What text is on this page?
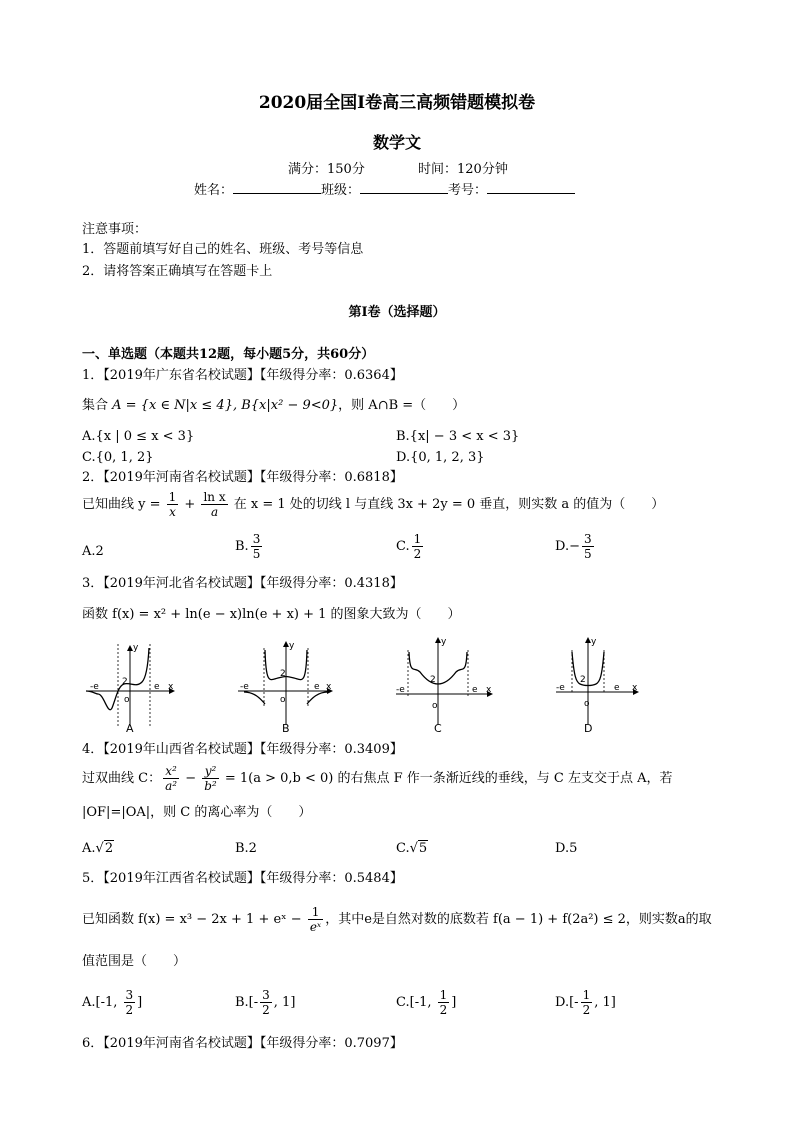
2020届全国Ⅰ卷高三高频错题模拟卷
数学文
满分：150分	时间：120分钟
姓名：	班级：	考号：
注意事项：
1．答题前填写好自己的姓名、班级、考号等信息
2．请将答案正确填写在答题卡上
第I卷（选择题）
一、单选题（本题共12题，每小题5分，共60分）
1．【2019年广东省名校试题】【年级得分率：0.6364】
集合 A = {x ∈ N|x ≤ 4}, B{x|x² − 9<0}，则 A∩B =（　　）
A.{x | 0 ≤ x < 3}	B.{x| − 3 < x < 3}
C.{0, 1, 2}	D.{0, 1, 2, 3}
2．【2019年河南省名校试题】【年级得分率：0.6818】
已知曲线 $y = \frac{1}{x} + \frac{\text{ln x}}{a}$ 在 x = 1 处的切线 l 与直线 3x + 2y = 0 垂直，则实数 a 的值为（　　）
A.2	B. $\frac{3}{5}$	C. $\frac{1}{2}$	$D.- \frac{3}{5}$
3．【2019年河北省名校试题】【年级得分率：0.4318】
函数 f(x) = x² + ln(e − x)ln(e + x) + 1 的图象大致为（　　）
-e	e x
y
2
o
A
-e	e x
y
2
o
B
-e	e x
y
2
o
C
-e	e x
y
2
o
D
4．【2019年山西省名校试题】【年级得分率：0.3409】
过双曲线 C： $\frac{\text{x²}}{\text{a²}} - \frac{\text{y²}}{\text{b²}} = 1(a > 0,b < 0)$ 的右焦点 F 作一条渐近线的垂线，与 C 左支交于点 A，若
|OF|=|OA|，则 C 的离心率为（　　）
A.√2	B.2	C.√5	D.5
5．【2019年江西省名校试题】【年级得分率：0.5484】
已知函数 f(x) = x³ − 2x + 1 + eˣ − $\frac{1}{\text{eˣ}}$ ，其中e是自然对数的底数若 f(a − 1) + f(2a²) ≤ 2，则实数a的取
值范围是（　　）
A.[-1, $\frac{3}{2}$ ]	$B.[- \frac{3}{2}$ , 1]	C.[-1, $\frac{1}{2}$ ]	$D.[- \frac{1}{2}$ , 1]
6．【2019年河南省名校试题】【年级得分率：0.7097】
